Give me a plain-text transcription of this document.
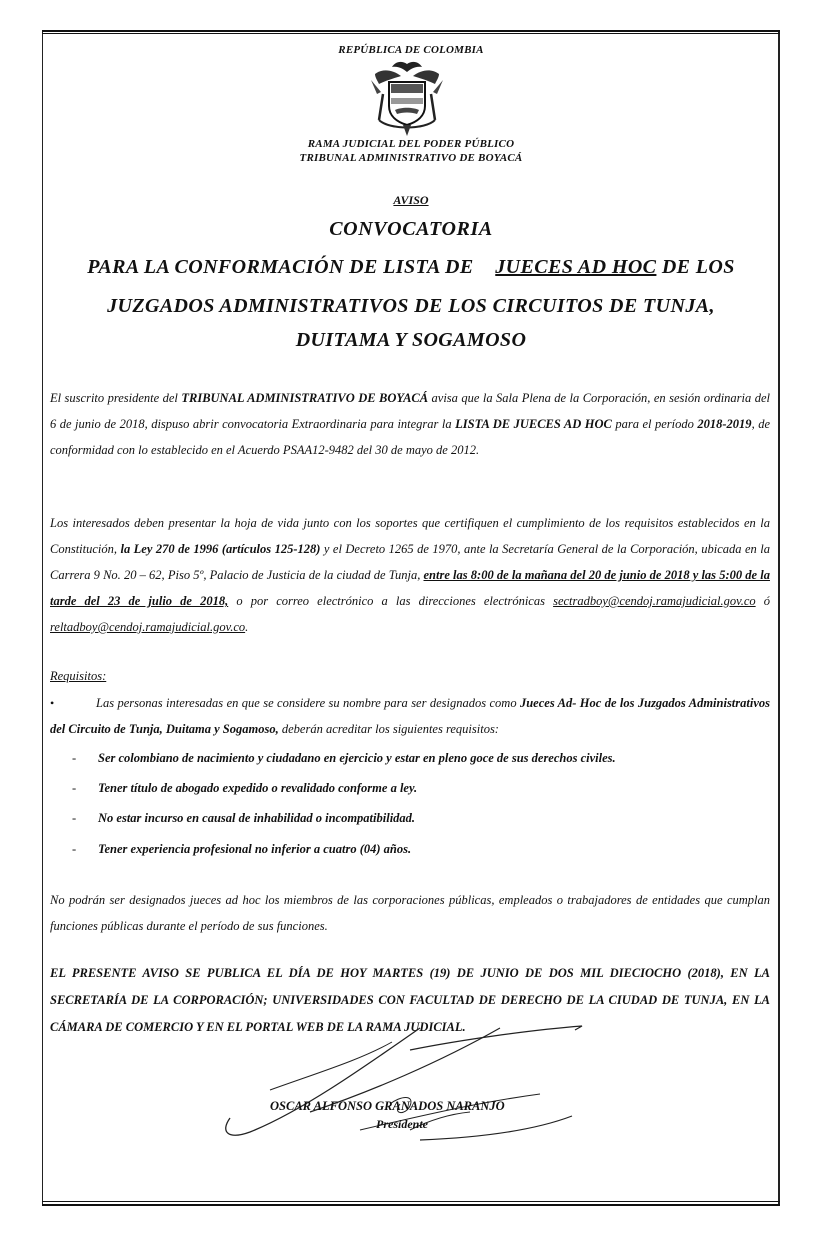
REPÚBLICA DE COLOMBIA
RAMA JUDICIAL DEL PODER PÚBLICO
TRIBUNAL ADMINISTRATIVO DE BOYACÁ
AVISO
CONVOCATORIA
PARA LA CONFORMACIÓN DE LISTA DE JUECES AD HOC DE LOS
JUZGADOS ADMINISTRATIVOS DE LOS CIRCUITOS DE TUNJA,
DUITAMA Y SOGAMOSO
El suscrito presidente del TRIBUNAL ADMINISTRATIVO DE BOYACÁ avisa que la Sala Plena de la Corporación, en sesión ordinaria del 6 de junio de 2018, dispuso abrir convocatoria Extraordinaria para integrar la LISTA DE JUECES AD HOC para el período 2018-2019, de conformidad con lo establecido en el Acuerdo PSAA12-9482 del 30 de mayo de 2012.
Los interesados deben presentar la hoja de vida junto con los soportes que certifiquen el cumplimiento de los requisitos establecidos en la Constitución, la Ley 270 de 1996 (artículos 125-128) y el Decreto 1265 de 1970, ante la Secretaría General de la Corporación, ubicada en la Carrera 9 No. 20 – 62, Piso 5º, Palacio de Justicia de la ciudad de Tunja, entre las 8:00 de la mañana del 20 de junio de 2018 y las 5:00 de la tarde del 23 de julio de 2018, o por correo electrónico a las direcciones electrónicas sectradboy@cendoj.ramajudicial.gov.co ó reltadboy@cendoj.ramajudicial.gov.co.
Requisitos:
•	Las personas interesadas en que se considere su nombre para ser designados como Jueces Ad- Hoc de los Juzgados Administrativos del Circuito de Tunja, Duitama y Sogamoso, deberán acreditar los siguientes requisitos:
- Ser colombiano de nacimiento y ciudadano en ejercicio y estar en pleno goce de sus derechos civiles.
- Tener título de abogado expedido o revalidado conforme a ley.
- No estar incurso en causal de inhabilidad o incompatibilidad.
- Tener experiencia profesional no inferior a cuatro (04) años.
No podrán ser designados jueces ad hoc los miembros de las corporaciones públicas, empleados o trabajadores de entidades que cumplan funciones públicas durante el período de sus funciones.
EL PRESENTE AVISO SE PUBLICA EL DÍA DE HOY MARTES (19) DE JUNIO DE DOS MIL DIECIOCHO (2018), EN LA SECRETARÍA DE LA CORPORACIÓN; UNIVERSIDADES CON FACULTAD DE DERECHO DE LA CIUDAD DE TUNJA, EN LA CÁMARA DE COMERCIO Y EN EL PORTAL WEB DE LA RAMA JUDICIAL.
OSCAR ALFONSO GRANADOS NARANJO
Presidente
